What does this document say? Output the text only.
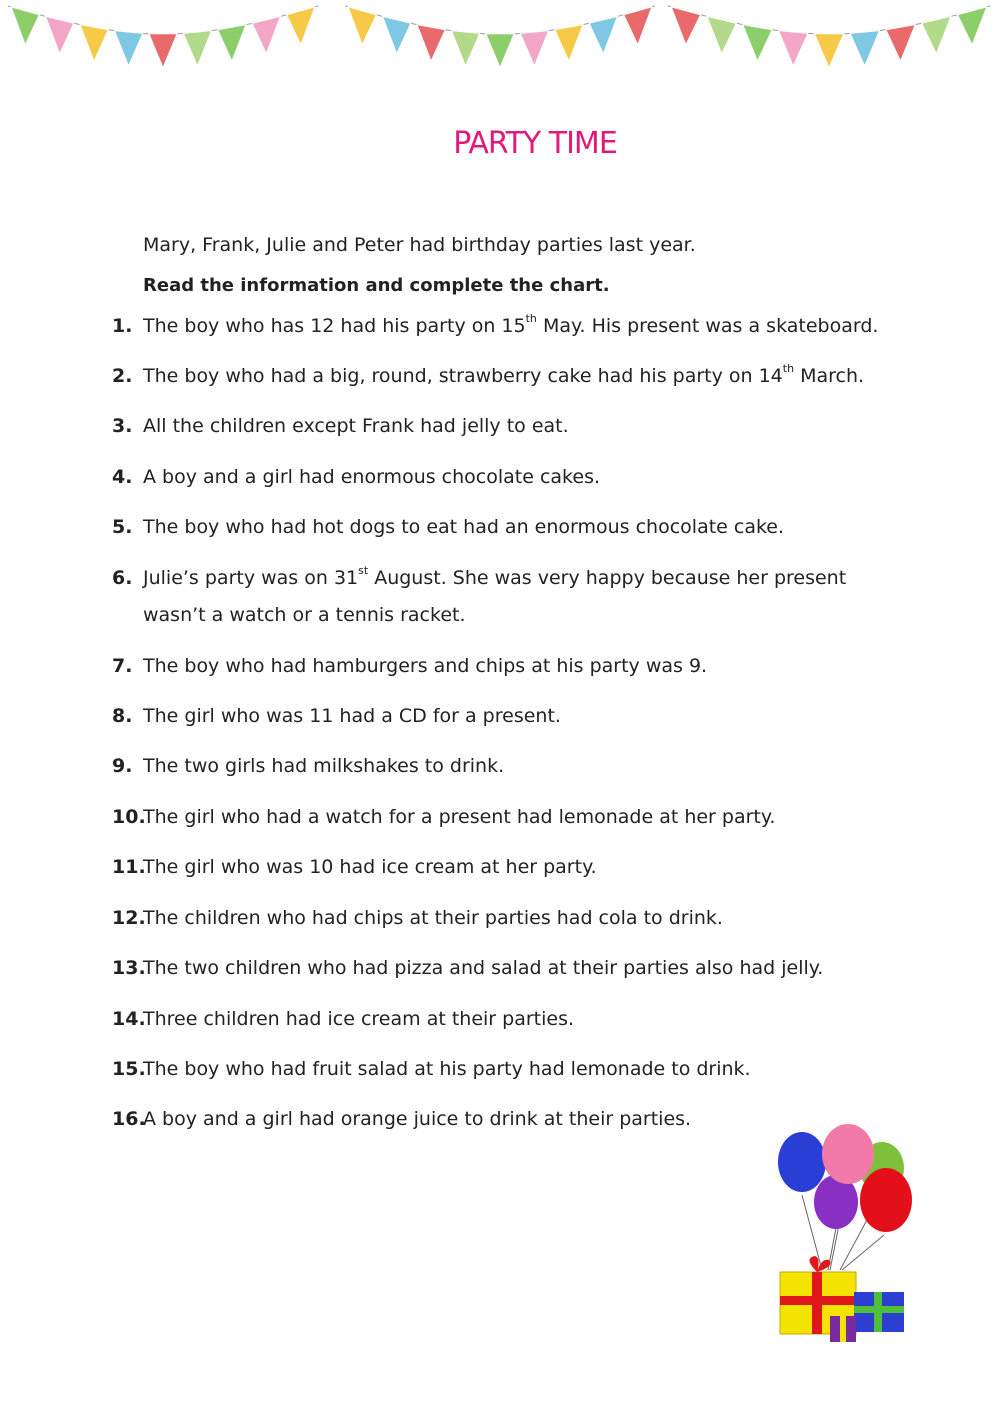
PARTY TIME
Mary, Frank, Julie and Peter had birthday parties last year.
Read the information and complete the chart.
1. The boy who has 12 had his party on 15th May. His present was a skateboard.
2. The boy who had a big, round, strawberry cake had his party on 14th March.
3. All the children except Frank had jelly to eat.
4. A boy and a girl had enormous chocolate cakes.
5. The boy who had hot dogs to eat had an enormous chocolate cake.
6. Julie’s party was on 31st August. She was very happy because her present
wasn’t a watch or a tennis racket.
7. The boy who had hamburgers and chips at his party was 9.
8. The girl who was 11 had a CD for a present.
9. The two girls had milkshakes to drink.
10.
The girl who had a watch for a present had lemonade at her party.
11.
The girl who was 10 had ice cream at her party.
12.
The children who had chips at their parties had cola to drink.
13.
The two children who had pizza and salad at their parties also had jelly.
14.
Three children had ice cream at their parties.
15.
The boy who had fruit salad at his party had lemonade to drink.
16.
A boy and a girl had orange juice to drink at their parties.
